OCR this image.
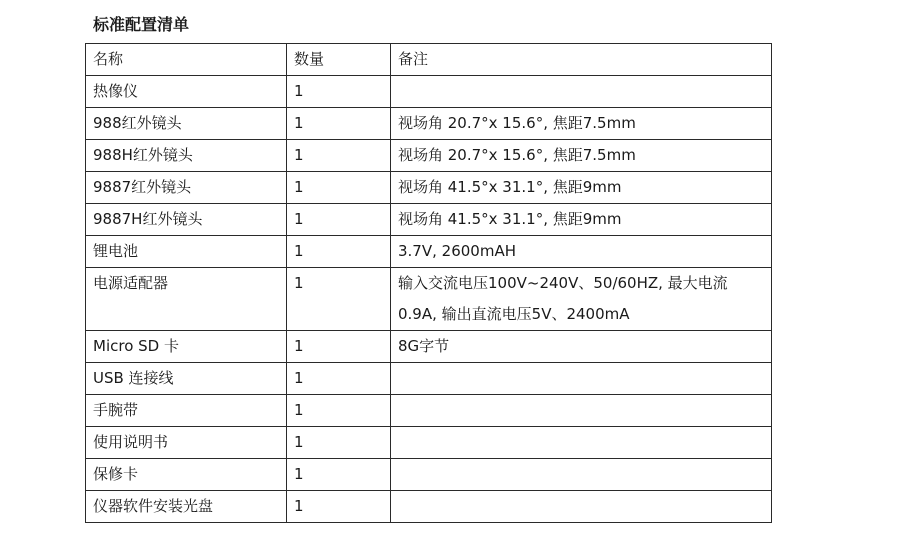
标准配置清单
名称	数量	备注
热像仪	1	
988红外镜头	1	视场角 20.7°x 15.6°, 焦距7.5mm
988H红外镜头	1	视场角 20.7°x 15.6°, 焦距7.5mm
9887红外镜头	1	视场角 41.5°x 31.1°, 焦距9mm
9887H红外镜头	1	视场角 41.5°x 31.1°, 焦距9mm
锂电池	1	3.7V, 2600mAH
电源适配器	1	输入交流电压100V~240V、50/60HZ, 最大电流0.9A, 输出直流电压5V、2400mA
Micro SD 卡	1	8G字节
USB 连接线	1	
手腕带	1	
使用说明书	1	
保修卡	1	
仪器软件安装光盘	1	
